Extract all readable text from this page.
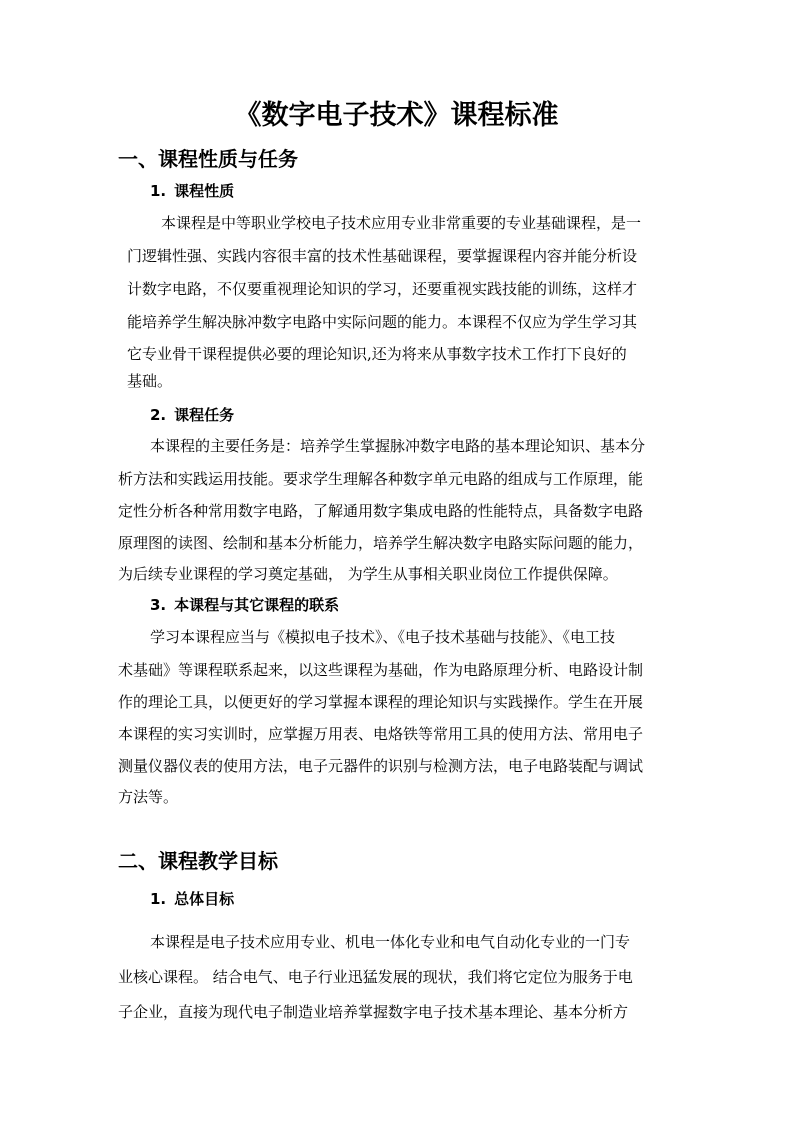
《数字电子技术》课程标准
一、课程性质与任务
1. 课程性质

本课程是中等职业学校电子技术应用专业非常重要的专业基础课程，是一

门逻辑性强、实践内容很丰富的技术性基础课程，要掌握课程内容并能分析设

计数字电路，不仅要重视理论知识的学习，还要重视实践技能的训练，这样才

能培养学生解决脉冲数字电路中实际问题的能力。本课程不仅应为学生学习其

它专业骨干课程提供必要的理论知识,还为将来从事数字技术工作打下良好的

基础。

2. 课程任务

本课程的主要任务是：培养学生掌握脉冲数字电路的基本理论知识、基本分

析方法和实践运用技能。要求学生理解各种数字单元电路的组成与工作原理，能

定性分析各种常用数字电路，了解通用数字集成电路的性能特点，具备数字电路

原理图的读图、绘制和基本分析能力，培养学生解决数字电路实际问题的能力，

为后续专业课程的学习奠定基础， 为学生从事相关职业岗位工作提供保障。

3. 本课程与其它课程的联系

学习本课程应当与《模拟电子技术》、《电子技术基础与技能》、《电工技

术基础》等课程联系起来，以这些课程为基础，作为电路原理分析、电路设计制

作的理论工具，以便更好的学习掌握本课程的理论知识与实践操作。学生在开展

本课程的实习实训时，应掌握万用表、电烙铁等常用工具的使用方法、常用电子

测量仪器仪表的使用方法，电子元器件的识别与检测方法，电子电路装配与调试

方法等。

二、课程教学目标
1. 总体目标

本课程是电子技术应用专业、机电一体化专业和电气自动化专业的一门专

业核心课程。 结合电气、电子行业迅猛发展的现状，我们将它定位为服务于电

子企业，直接为现代电子制造业培养掌握数字电子技术基本理论、基本分析方
